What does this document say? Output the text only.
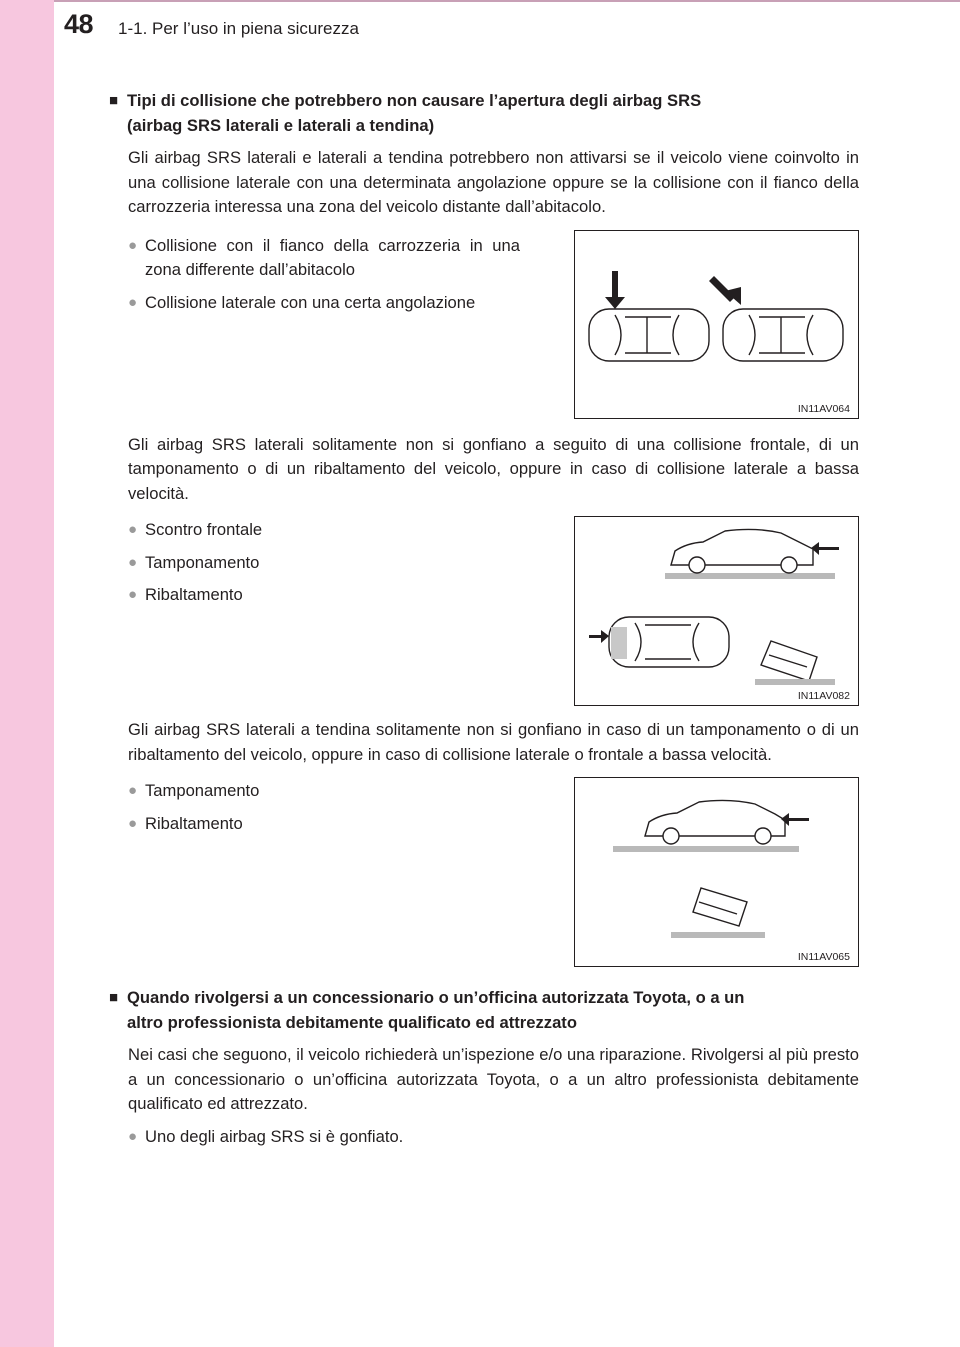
48 1-1. Per l’uso in piena sicurezza
■ Tipi di collisione che potrebbero non causare l’apertura degli airbag SRS
(airbag SRS laterali e laterali a tendina)

Gli airbag SRS laterali e laterali a tendina potrebbero non attivarsi se il veicolo viene coinvolto in una collisione laterale con una determinata angolazione oppure se la collisione con il fianco della carrozzeria interessa una zona del veicolo distante dall’abitacolo.

● Collisione con il fianco della carrozzeria in una zona differente dall’abitacolo
● Collisione laterale con una certa angolazione
IN11AV064

Gli airbag SRS laterali solitamente non si gonfiano a seguito di una collisione frontale, di un tamponamento o di un ribaltamento del veicolo, oppure in caso di collisione laterale a bassa velocità.

● Scontro frontale
● Tamponamento
● Ribaltamento
IN11AV082

Gli airbag SRS laterali a tendina solitamente non si gonfiano in caso di un tamponamento o di un ribaltamento del veicolo, oppure in caso di collisione laterale o frontale a bassa velocità.

● Tamponamento
● Ribaltamento
IN11AV065
■ Quando rivolgersi a un concessionario o un’officina autorizzata Toyota, o a un
altro professionista debitamente qualificato ed attrezzato

Nei casi che seguono, il veicolo richiederà un’ispezione e/o una riparazione. Rivolgersi al più presto a un concessionario o un’officina autorizzata Toyota, o a un altro professionista debitamente qualificato ed attrezzato.

● Uno degli airbag SRS si è gonfiato.
